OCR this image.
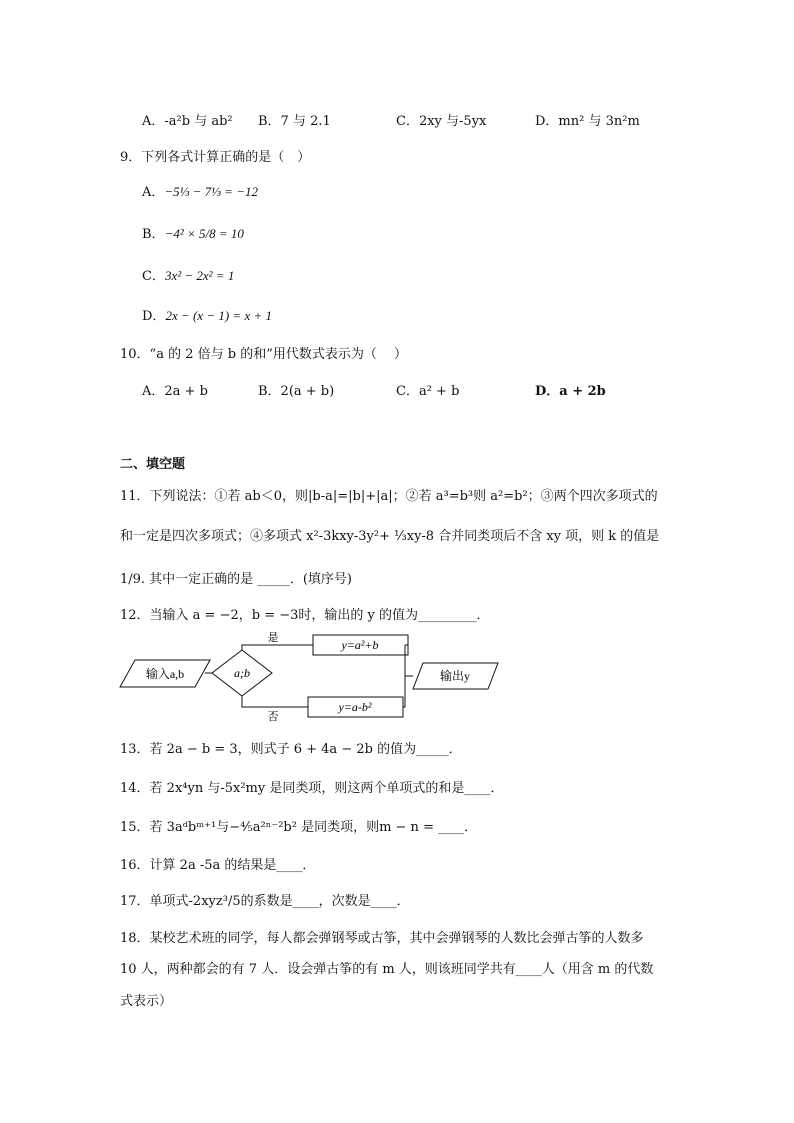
A．-a²b 与 ab² B．7 与 2.1	C．2xy 与-5yx	D．mn² 与 3n²m
9．下列各式计算正确的是（　）
A．−5⅓ − 7⅓ = −12
B．−4² × 5/8 = 10
C．3x² − 2x² = 1
D．2x − (x − 1) = x + 1
10．“a 的 2 倍与 b 的和”用代数式表示为（　 ）
A．2a + b	B．2(a + b)	C．a² + b	D．a + 2b
二、填空题
11．下列说法：①若 ab＜0，则|b-a|=|b|+|a|；②若 a³=b³则 a²=b²；③两个四次多项式的
和一定是四次多项式；④多项式 x²-3kxy-3y²+ ⅓xy-8 合并同类项后不含 xy 项，则 k 的值是
1/9. 其中一定正确的是 _____．(填序号)
12．当输入 a = −2，b = −3时，输出的 y 的值为_________．
输入a,b	a;b
是	y=a²+b
否
y=a-b²
输出y
13．若 2a − b = 3，则式子 6 + 4a − 2b 的值为_____．
14．若 2x⁴yn 与-5x²my 是同类项，则这两个单项式的和是____．
15．若 3aᵈbᵐ⁺¹与−⁴⁄₅a²ⁿ⁻²b² 是同类项，则m − n = ____．
16．计算 2a -5a 的结果是____．
17．单项式-2xyz³/5的系数是____，次数是____．
18．某校艺术班的同学，每人都会弹钢琴或古筝，其中会弹钢琴的人数比会弹古筝的人数多
10 人，两种都会的有 7 人．设会弹古筝的有 m 人，则该班同学共有____人（用含 m 的代数
式表示）
